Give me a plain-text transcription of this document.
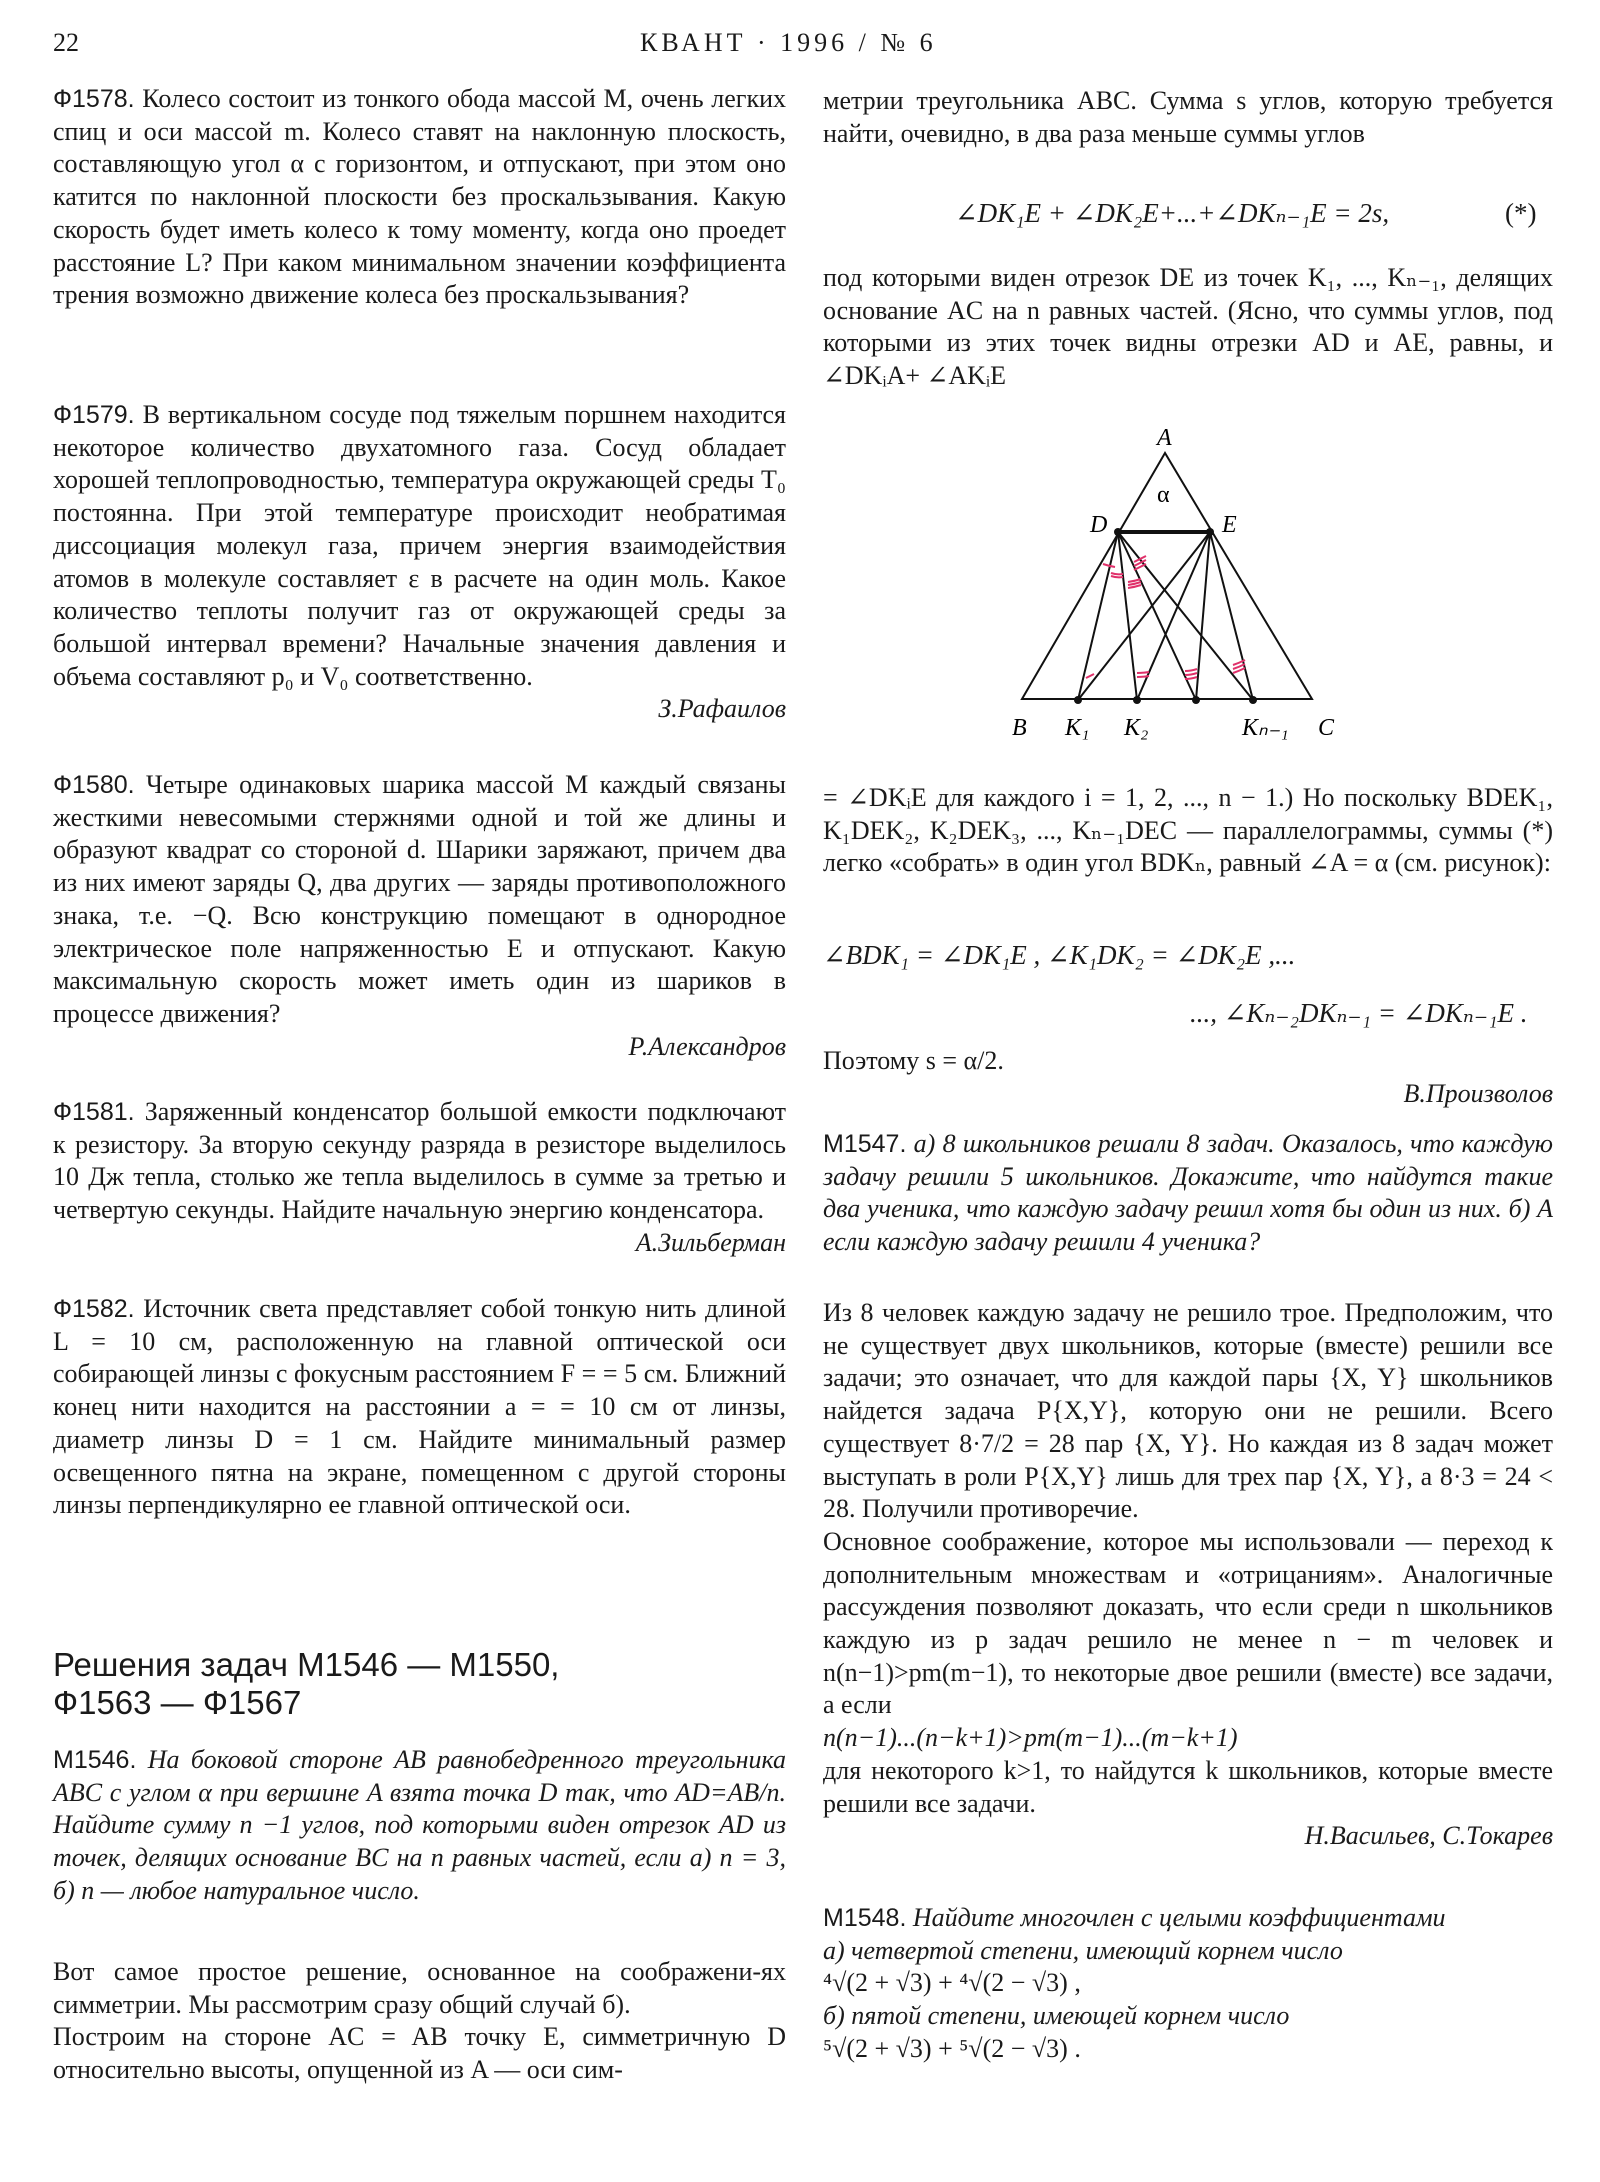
22	КВАНТ · 1996 / № 6
Ф1578. Колесо состоит из тонкого обода массой M, очень легких спиц и оси массой m. Колесо ставят на наклонную плоскость, составляющую угол α с горизонтом, и отпускают, при этом оно катится по наклонной плоскости без проскальзывания. Какую скорость будет иметь колесо к тому моменту, когда оно проедет расстояние L? При каком минимальном значении коэффициента трения возможно движение колеса без проскальзывания?
Ф1579. В вертикальном сосуде под тяжелым поршнем находится некоторое количество двухатомного газа. Сосуд обладает хорошей теплопроводностью, температура окружающей среды T₀ постоянна. При этой температуре происходит необратимая диссоциация молекул газа, причем энергия взаимодействия атомов в молекуле составляет ε в расчете на один моль. Какое количество теплоты получит газ от окружающей среды за большой интервал времени? Начальные значения давления и объема составляют p₀ и V₀ соответственно.
З.Рафаилов
Ф1580. Четыре одинаковых шарика массой M каждый связаны жесткими невесомыми стержнями одной и той же длины и образуют квадрат со стороной d. Шарики заряжают, причем два из них имеют заряды Q, два других — заряды противоположного знака, т.е. −Q. Всю конструкцию помещают в однородное электрическое поле напряженностью E и отпускают. Какую максимальную скорость может иметь один из шариков в процессе движения?
Р.Александров
Ф1581. Заряженный конденсатор большой емкости подключают к резистору. За вторую секунду разряда в резисторе выделилось 10 Дж тепла, столько же тепла выделилось в сумме за третью и четвертую секунды. Найдите начальную энергию конденсатора.
А.Зильберман
Ф1582. Источник света представляет собой тонкую нить длиной L = 10 см, расположенную на главной оптической оси собирающей линзы с фокусным расстоянием F = = 5 см. Ближний конец нити находится на расстоянии a = = 10 см от линзы, диаметр линзы D = 1 см. Найдите минимальный размер освещенного пятна на экране, помещенном с другой стороны линзы перпендикулярно ее главной оптической оси.
Решения задач М1546 — М1550,
Ф1563 — Ф1567
М1546. На боковой стороне AB равнобедренного треугольника ABC с углом α при вершине A взята точка D так, что AD=AB/n. Найдите сумму n −1 углов, под которыми виден отрезок AD из точек, делящих основание BC на n равных частей, если а) n = 3, б) n — любое натуральное число.

Вот самое простое решение, основанное на соображени-ях симметрии. Мы рассмотрим сразу общий случай б).

Построим на стороне AC = AB точку E, симметричную D относительно высоты, опущенной из A — оси сим-

метрии треугольника ABC. Сумма s углов, которую требуется найти, очевидно, в два раза меньше суммы углов
∠DK₁E + ∠DK₂E+...+∠DKₙ₋₁E = 2s,	(*)
под которыми виден отрезок DE из точек K₁, ..., Kₙ₋₁, делящих основание AC на n равных частей. (Ясно, что суммы углов, под которыми из этих точек видны отрезки AD и AE, равны, и ∠DKᵢA+ ∠AKᵢE
A
α
D	E
B K₁ K₂	Kₙ₋₁ C
= ∠DKᵢE для каждого i = 1, 2, ..., n − 1.) Но поскольку BDEK₁, K₁DEK₂, K₂DEK₃, ..., Kₙ₋₁DEC — параллелограммы, суммы (*) легко «собрать» в один угол BDKₙ, равный ∠A = α (см. рисунок):
∠BDK₁ = ∠DK₁E , ∠K₁DK₂ = ∠DK₂E ,...
..., ∠Kₙ₋₂DKₙ₋₁ = ∠DKₙ₋₁E .

Поэтому s = α/2.

В.Произволов
М1547. а) 8 школьников решали 8 задач. Оказалось, что каждую задачу решили 5 школьников. Докажите, что найдутся такие два ученика, что каждую задачу решил хотя бы один из них. б) А если каждую задачу решили 4 ученика?

Из 8 человек каждую задачу не решило трое. Предположим, что не существует двух школьников, которые (вместе) решили все задачи; это означает, что для каждой пары {X, Y} школьников найдется задача P{X,Y}, которую они не решили. Всего существует 8·7/2 = 28 пар {X, Y}. Но каждая из 8 задач может выступать в роли P{X,Y} лишь для трех пар {X, Y}, а 8·3 = 24 < 28. Получили противоречие.

Основное соображение, которое мы использовали — переход к дополнительным множествам и «отрицаниям». Аналогичные рассуждения позволяют доказать, что если среди n школьников каждую из p задач решило не менее n − m человек и n(n−1)>pm(m−1), то некоторые двое решили (вместе) все задачи, а если

n(n−1)...(n−k+1)>pm(m−1)...(m−k+1)

для некоторого k>1, то найдутся k школьников, которые вместе решили все задачи.

Н.Васильев, С.Токарев
М1548. Найдите многочлен с целыми коэффициентами
а) четвертой степени, имеющий корнем число
⁴√(2 + √3) + ⁴√(2 − √3) ,
б) пятой степени, имеющей корнем число
⁵√(2 + √3) + ⁵√(2 − √3) .
